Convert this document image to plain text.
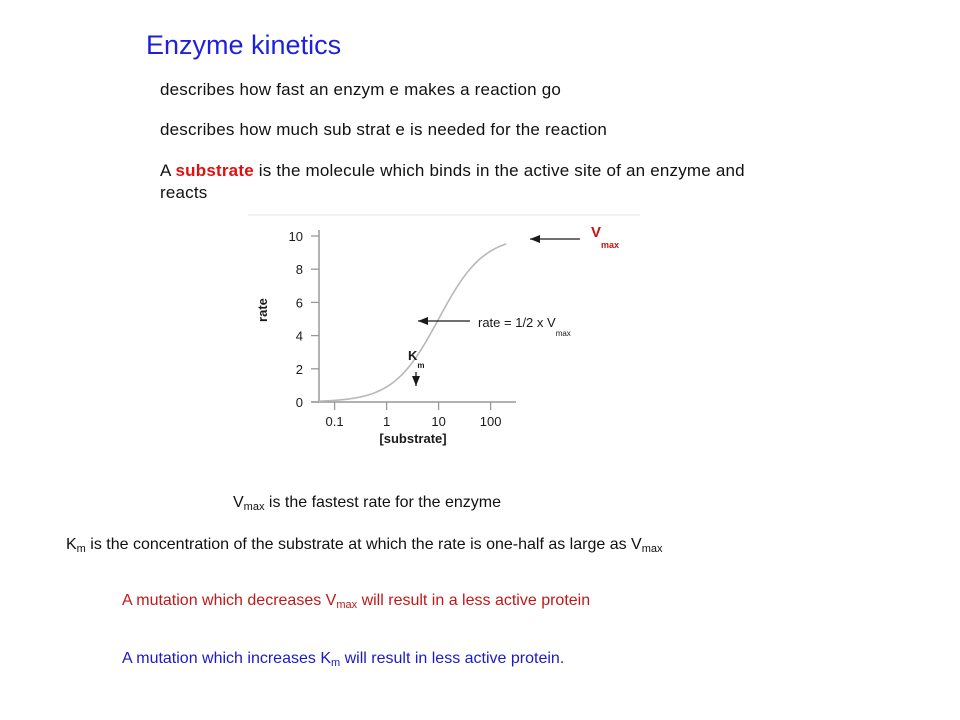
Enzyme kinetics
describes how fast an enzym e makes a reaction go
describes how much sub strat e is needed for the reaction
A substrate is the molecule which binds in the active site of an enzyme and reacts
0
2
4
6
8
10
0.1	1	10	100
rate
[substrate]
$V_{max}$
rate = 1/2 x $V_{max}$
$K_m$
$V_{max}$ is the fastest rate for the enzyme
$K_m$ is the concentration of the substrate at which the rate is one-half as large as $V_{max}$
A mutation which decreases $V_{max}$ will result in a less active protein
A mutation which increases $K_m$ will result in less active protein.
